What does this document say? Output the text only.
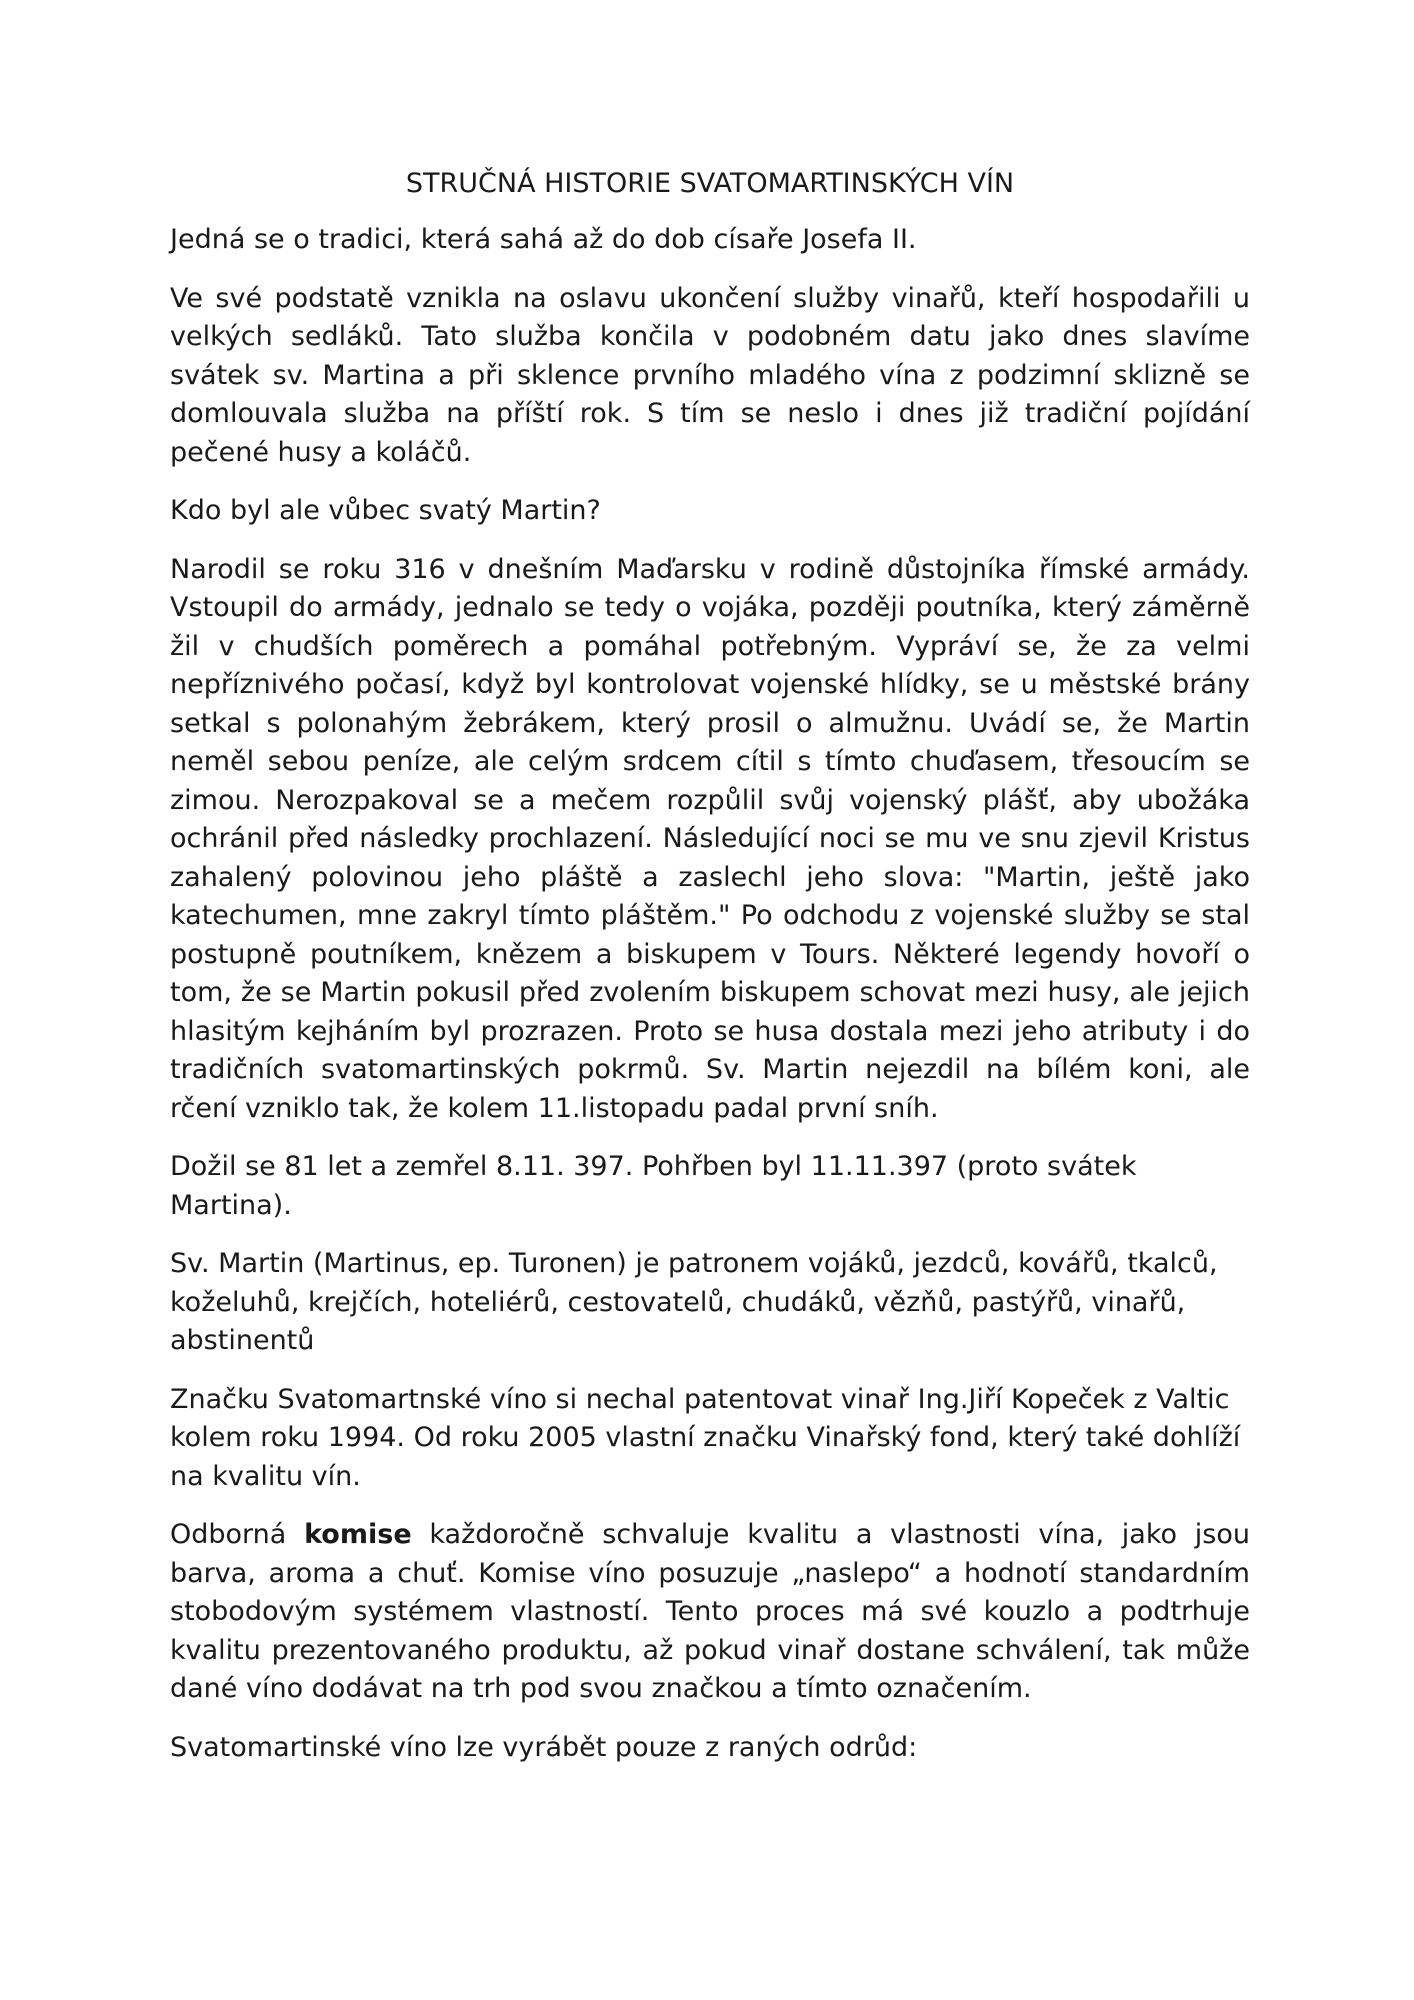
STRUČNÁ HISTORIE SVATOMARTINSKÝCH VÍN

Jedná se o tradici, která sahá až do dob císaře Josefa II.

Ve své podstatě vznikla na oslavu ukončení služby vinařů, kteří hospodařili u velkých sedláků. Tato služba končila v podobném datu jako dnes slavíme svátek sv. Martina a při sklence prvního mladého vína z podzimní sklizně se domlouvala služba na příští rok. S tím se neslo i dnes již tradiční pojídání pečené husy a koláčů.

Kdo byl ale vůbec svatý Martin?

Narodil se roku 316 v dnešním Maďarsku v rodině důstojníka římské armády. Vstoupil do armády, jednalo se tedy o vojáka, později poutníka, který záměrně žil v chudších poměrech a pomáhal potřebným. Vypráví se, že za velmi nepříznivého počasí, když byl kontrolovat vojenské hlídky, se u městské brány setkal s polonahým žebrákem, který prosil o almužnu. Uvádí se, že Martin neměl sebou peníze, ale celým srdcem cítil s tímto chuďasem, třesoucím se zimou. Nerozpakoval se a mečem rozpůlil svůj vojenský plášť, aby ubožáka ochránil před následky prochlazení. Následující noci se mu ve snu zjevil Kristus zahalený polovinou jeho pláště a zaslechl jeho slova: "Martin, ještě jako katechumen, mne zakryl tímto pláštěm." Po odchodu z vojenské služby se stal postupně poutníkem, knězem a biskupem v Tours. Některé legendy hovoří o tom, že se Martin pokusil před zvolením biskupem schovat mezi husy, ale jejich hlasitým kejháním byl prozrazen. Proto se husa dostala mezi jeho atributy i do tradičních svatomartinských pokrmů. Sv. Martin nejezdil na bílém koni, ale rčení vzniklo tak, že kolem 11.listopadu padal první sníh.

Dožil se 81 let a zemřel 8.11. 397. Pohřben byl 11.11.397 (proto svátek Martina).

Sv. Martin (Martinus, ep. Turonen) je patronem vojáků, jezdců, kovářů, tkalců, koželuhů, krejčích, hoteliérů, cestovatelů, chudáků, vězňů, pastýřů, vinařů, abstinentů

Značku Svatomartnské víno si nechal patentovat vinař Ing.Jiří Kopeček z Valtic kolem roku 1994. Od roku 2005 vlastní značku Vinařský fond, který také dohlíží na kvalitu vín.

Odborná komise každoročně schvaluje kvalitu a vlastnosti vína, jako jsou barva, aroma a chuť. Komise víno posuzuje „naslepo“ a hodnotí standardním stobodovým systémem vlastností. Tento proces má své kouzlo a podtrhuje kvalitu prezentovaného produktu, až pokud vinař dostane schválení, tak může dané víno dodávat na trh pod svou značkou a tímto označením.

Svatomartinské víno lze vyrábět pouze z raných odrůd:
